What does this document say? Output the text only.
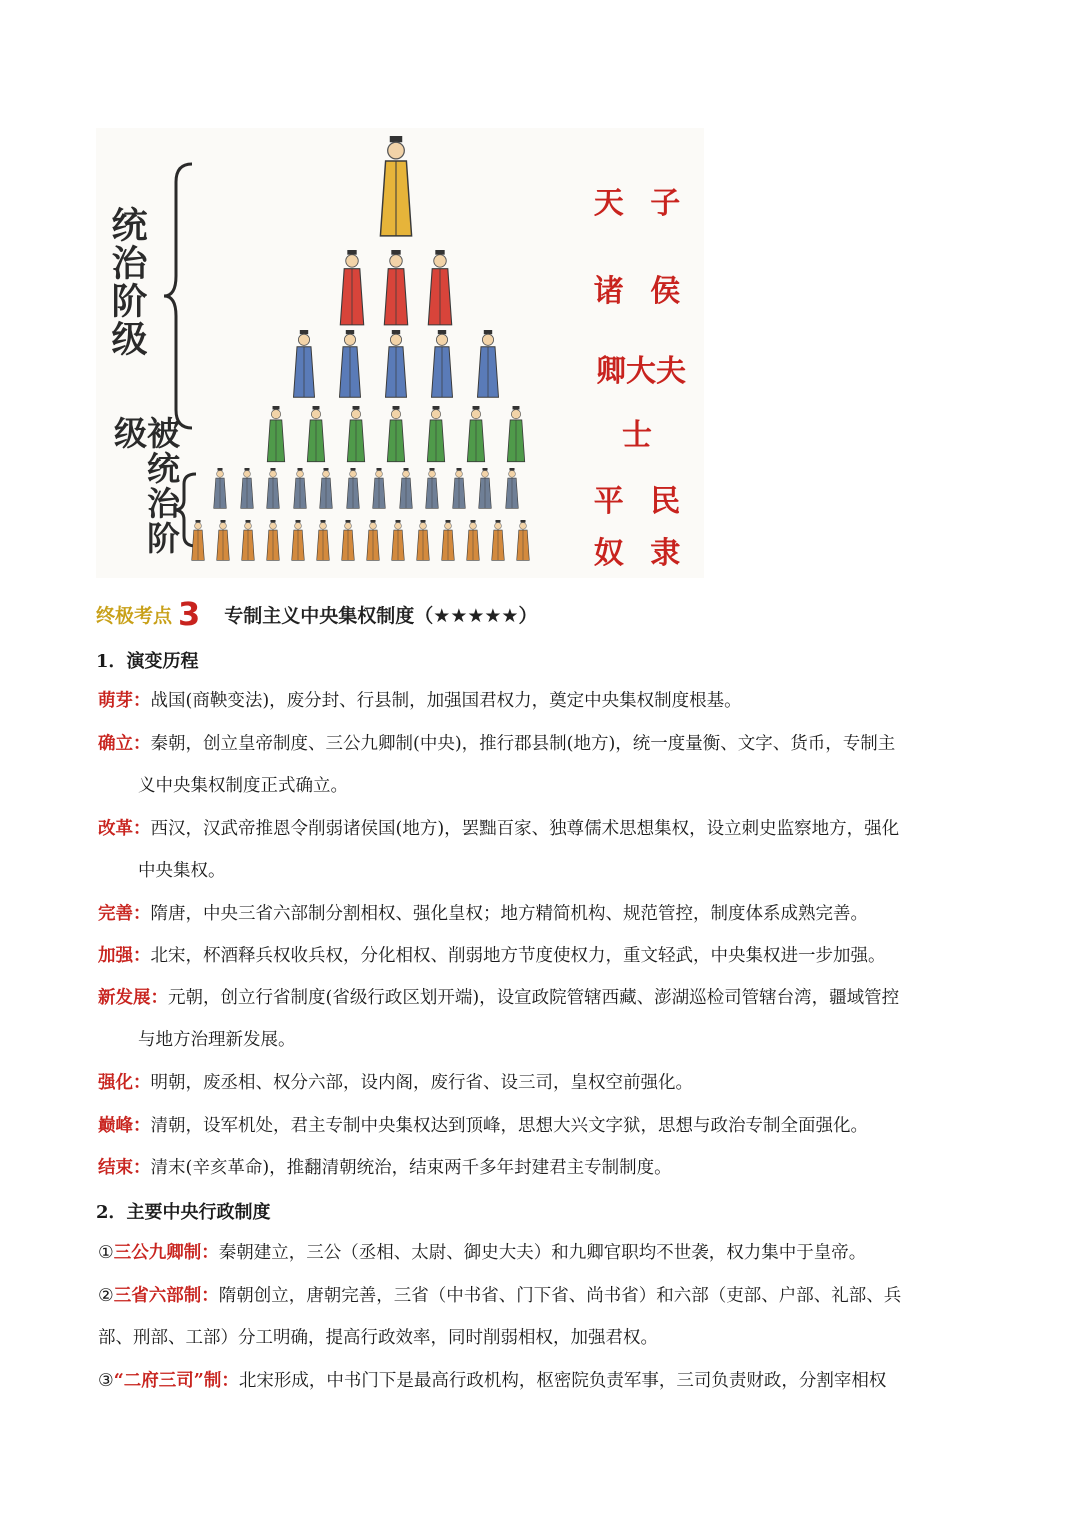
统治阶级
被统治阶级
天 子
诸 侯
卿大夫
士
平 民
奴 隶
终极考点 3 专制主义中央集权制度（★★★★★）
1．演变历程
萌芽：战国(商鞅变法)，废分封、行县制，加强国君权力，奠定中央集权制度根基。
确立：秦朝，创立皇帝制度、三公九卿制(中央)，推行郡县制(地方)，统一度量衡、文字、货币，专制主
义中央集权制度正式确立。
改革：西汉，汉武帝推恩令削弱诸侯国(地方)，罢黜百家、独尊儒术思想集权，设立刺史监察地方，强化
中央集权。
完善：隋唐，中央三省六部制分割相权、强化皇权；地方精简机构、规范管控，制度体系成熟完善。
加强：北宋，杯酒释兵权收兵权，分化相权、削弱地方节度使权力，重文轻武，中央集权进一步加强。
新发展：元朝，创立行省制度(省级行政区划开端)，设宣政院管辖西藏、澎湖巡检司管辖台湾，疆域管控
与地方治理新发展。
强化：明朝，废丞相、权分六部，设内阁，废行省、设三司，皇权空前强化。
巅峰：清朝，设军机处，君主专制中央集权达到顶峰，思想大兴文字狱，思想与政治专制全面强化。
结束：清末(辛亥革命)，推翻清朝统治，结束两千多年封建君主专制制度。
2．主要中央行政制度
①三公九卿制：秦朝建立，三公（丞相、太尉、御史大夫）和九卿官职均不世袭，权力集中于皇帝。
②三省六部制：隋朝创立，唐朝完善，三省（中书省、门下省、尚书省）和六部（吏部、户部、礼部、兵
部、刑部、工部）分工明确，提高行政效率，同时削弱相权，加强君权。
③“二府三司”制：北宋形成，中书门下是最高行政机构，枢密院负责军事，三司负责财政，分割宰相权
